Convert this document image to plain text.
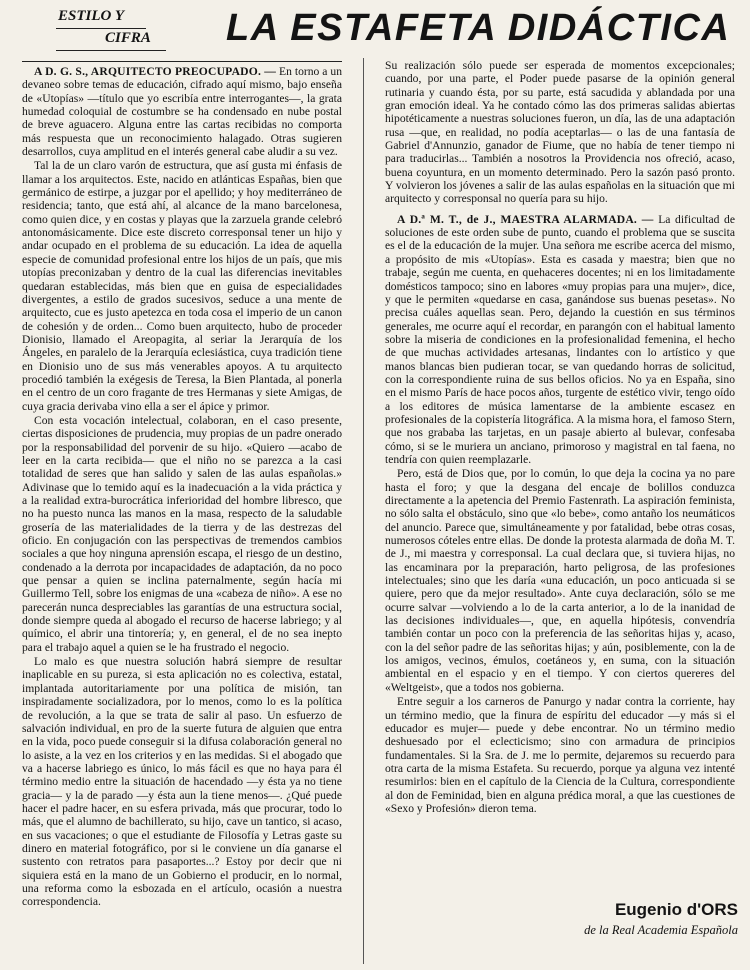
ESTILO Y
CIFRA LA ESTAFETA DIDÁCTICA

A D. G. S., ARQUITECTO PREOCUPADO. — En torno a un devaneo sobre temas de educación, cifrado aquí mismo, bajo enseña de «Utopías» —título que yo escribía entre interrogantes—, la grata humedad coloquial de costumbre se ha condensado en nube postal de breve aguacero. Alguna entre las cartas recibidas no comporta más respuesta que un reconocimiento halagado. Otras sugieren desarrollos, cuya amplitud en el interés general cabe aludir a su vez.

Tal la de un claro varón de estructura, que así gusta mi énfasis de llamar a los arquitectos. Este, nacido en atlánticas Españas, bien que germánico de estirpe, a juzgar por el apellido; y hoy mediterráneo de residencia; tanto, que está ahí, al alcance de la mano barcelonesa, como quien dice, y en costas y playas que la zarzuela grande celebró antonomásicamente. Dice este discreto corresponsal tener un hijo y andar ocupado en el problema de su educación. La idea de aquella especie de comunidad profesional entre los hijos de un país, que mis utopías preconizaban y dentro de la cual las diferencias inevitables quedaran establecidas, más bien que en guisa de especialidades divergentes, a estilo de grados sucesivos, seduce a una mente de arquitecto, cue es justo apetezca en toda cosa el imperio de un canon de cohesión y de orden... Como buen arquitecto, hubo de proceder Dionisio, llamado el Areopagita, al seriar la Jerarquía de los Ángeles, en paralelo de la Jerarquía eclesiástica, cuya tradición tiene en Dionisio uno de sus más venerables apoyos. A tu arquitecto procedió también la exégesis de Teresa, la Bien Plantada, al ponerla en el centro de un coro fragante de tres Hermanas y siete Amigas, de cuya gracia derivaba vino ella a ser el ápice y primor.

Con esta vocación intelectual, colaboran, en el caso presente, ciertas disposiciones de prudencia, muy propias de un padre onerado por la responsabilidad del porvenir de su hijo. «Quiero —acabo de leer en la carta recibida— que el niño no se parezca a la casi totalidad de seres que han salido y salen de las aulas españolas.» Adivinase que lo temido aquí es la inadecuación a la vida práctica y a la realidad extra-burocrática inferioridad del hombre libresco, que no ha puesto nunca las manos en la masa, respecto de la saludable grosería de las materialidades de la tierra y de las destrezas del oficio. En conjugación con las perspectivas de tremendos cambios sociales a que hoy ninguna aprensión escapa, el riesgo de un destino, condenado a la derrota por incapacidades de adaptación, da no poco que pensar a quien se inclina paternalmente, según hacía mi Guillermo Tell, sobre los enigmas de una «cabeza de niño». A ese no parecerán nunca despreciables las garantías de una estructura social, donde siempre queda al abogado el recurso de hacerse labriego; y al químico, el abrir una tintorería; y, en general, el de no sea inepto para el trabajo aquel a quien se le ha frustrado el negocio.

Lo malo es que nuestra solución habrá siempre de resultar inaplicable en su pureza, si esta aplicación no es colectiva, estatal, implantada autoritariamente por una política de misión, tan inspiradamente socializadora, por lo menos, como lo es la política de revolución, a la que se trata de salir al paso. Un esfuerzo de salvación individual, en pro de la suerte futura de alguien que entra en la vida, poco puede conseguir si la difusa colaboración general no lo asiste, a la vez en los criterios y en las medidas. Si el abogado que va a hacerse labriego es único, lo más fácil es que no haya para él término medio entre la situación de hacendado —y ésta ya no tiene gracia— y la de parado —y ésta aun la tiene menos—. ¿Qué puede hacer el padre hacer, en su esfera privada, más que procurar, todo lo más, que el alumno de bachillerato, su hijo, cave un tantico, si acaso, en sus vacaciones; o que el estudiante de Filosofía y Letras gaste su dinero en material fotográfico, por si le conviene un día ganarse el sustento con retratos para pasaportes...? Estoy por decir que ni siquiera está en la mano de un Gobierno el producir, en lo normal, una reforma como la esbozada en el artículo, ocasión a nuestra correspondencia.

Su realización sólo puede ser esperada de momentos excepcionales; cuando, por una parte, el Poder puede pasarse de la opinión general rutinaria y cuando ésta, por su parte, está sacudida y ablandada por una gran emoción ideal. Ya he contado cómo las dos primeras salidas abiertas hipotéticamente a nuestras soluciones fueron, un día, las de una adaptación rusa —que, en realidad, no podía aceptarlas— o las de una fantasía de Gabriel d'Annunzio, ganador de Fiume, que no había de tener tiempo ni para traducirlas... También a nosotros la Providencia nos ofreció, acaso, buena coyuntura, en un momento determinado. Pero la sazón pasó pronto. Y volvieron los jóvenes a salir de las aulas españolas en la situación que mi arquitecto y corresponsal no quería para su hijo.

A D.ª M. T., de J., MAESTRA ALARMADA. — La dificultad de soluciones de este orden sube de punto, cuando el problema que se suscita es el de la educación de la mujer. Una señora me escribe acerca del mismo, a propósito de mis «Utopías». Esta es casada y maestra; bien que no trabaje, según me cuenta, en quehaceres docentes; ni en los limitadamente domésticos tampoco; sino en labores «muy propias para una mujer», dice, y que le permiten «quedarse en casa, ganándose sus buenas pesetas». No precisa cuáles aquellas sean. Pero, dejando la cuestión en sus términos generales, me ocurre aquí el recordar, en parangón con el habitual lamento sobre la miseria de condiciones en la profesionalidad femenina, el hecho de que muchas actividades artesanas, lindantes con lo artístico y que manos blancas bien pudieran tocar, se van quedando horras de solicitud, con la correspondiente ruina de sus bellos oficios. No ya en España, sino en el mismo París de hace pocos años, turgente de estético vivir, tengo oído a los editores de música lamentarse de la ambiente escasez en profesionales de la copistería litográfica. A la misma hora, el famoso Stern, que nos grababa las tarjetas, en un pasaje abierto al bulevar, confesaba cómo, si se le muriera un anciano, primoroso y magistral en tal faena, no tendría con quien reemplazarle.

Pero, está de Dios que, por lo común, lo que deja la cocina ya no pare hasta el foro; y que la desgana del encaje de bolillos conduzca directamente a la apetencia del Premio Fastenrath. La aspiración feminista, no sólo salta el obstáculo, sino que «lo bebe», como antaño los neumáticos del anuncio. Parece que, simultáneamente y por fatalidad, bebe otras cosas, numerosos cóteles entre ellas. De donde la protesta alarmada de doña M. T. de J., mi maestra y corresponsal. La cual declara que, si tuviera hijas, no las encaminara por la preparación, harto peligrosa, de las profesiones intelectuales; sino que les daría «una educación, un poco anticuada si se quiere, pero que da mejor resultado». Ante cuya declaración, sólo se me ocurre salvar —volviendo a lo de la carta anterior, a lo de la inanidad de las decisiones individuales—, que, en aquella hipótesis, convendría también contar un poco con la preferencia de las señoritas hijas y, acaso, con la del señor padre de las señoritas hijas; y aún, posiblemente, con la de los amigos, vecinos, émulos, coetáneos y, en suma, con la situación ambiental en el espacio y en el tiempo. Y con ciertos quereres del «Weltgeist», que a todos nos gobierna.

Entre seguir a los carneros de Panurgo y nadar contra la corriente, hay un término medio, que la finura de espíritu del educador —y más si el educador es mujer— puede y debe encontrar. No un término medio deshuesado por el eclecticismo; sino con armadura de principios fundamentales. Si la Sra. de J. me lo permite, dejaremos su recuerdo para otra carta de la misma Estafeta. Su recuerdo, porque ya alguna vez intenté resumirlos: bien en el capítulo de la Ciencia de la Cultura, correspondiente al don de Feminidad, bien en alguna prédica moral, a que las cuestiones de «Sexo y Profesión» dieron tema.

Eugenio d'ORS
de la Real Academia Española
